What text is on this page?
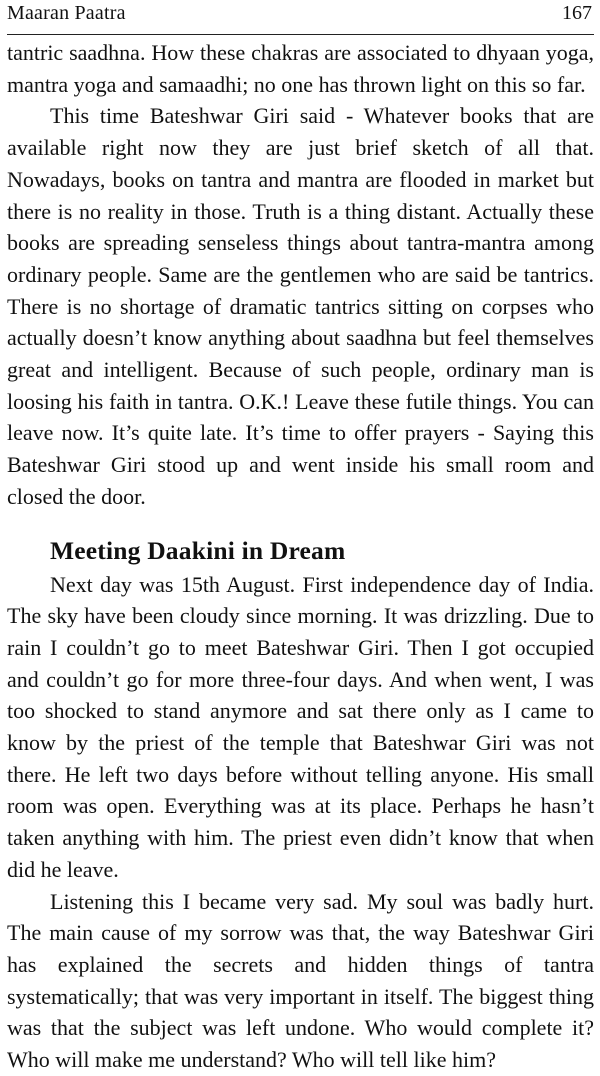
Maaran Paatra	167

tantric saadhna. How these chakras are associated to dhyaan yoga, mantra yoga and samaadhi; no one has thrown light on this so far.

This time Bateshwar Giri said - Whatever books that are available right now they are just brief sketch of all that. Nowadays, books on tantra and mantra are flooded in market but there is no reality in those. Truth is a thing distant. Actually these books are spreading senseless things about tantra-mantra among ordinary people. Same are the gentlemen who are said be tantrics. There is no shortage of dramatic tantrics sitting on corpses who actually doesn’t know anything about saadhna but feel themselves great and intelligent. Because of such people, ordinary man is loosing his faith in tantra. O.K.! Leave these futile things. You can leave now. It’s quite late. It’s time to offer prayers - Saying this Bateshwar Giri stood up and went inside his small room and closed the door.

Meeting Daakini in Dream

Next day was 15th August. First independence day of India. The sky have been cloudy since morning. It was drizzling. Due to rain I couldn’t go to meet Bateshwar Giri. Then I got occupied and couldn’t go for more three-four days. And when went, I was too shocked to stand anymore and sat there only as I came to know by the priest of the temple that Bateshwar Giri was not there. He left two days before without telling anyone. His small room was open. Everything was at its place. Perhaps he hasn’t taken anything with him. The priest even didn’t know that when did he leave.

Listening this I became very sad. My soul was badly hurt. The main cause of my sorrow was that, the way Bateshwar Giri has explained the secrets and hidden things of tantra systematically; that was very important in itself. The biggest thing was that the subject was left undone. Who would complete it? Who will make me understand? Who will tell like him?
